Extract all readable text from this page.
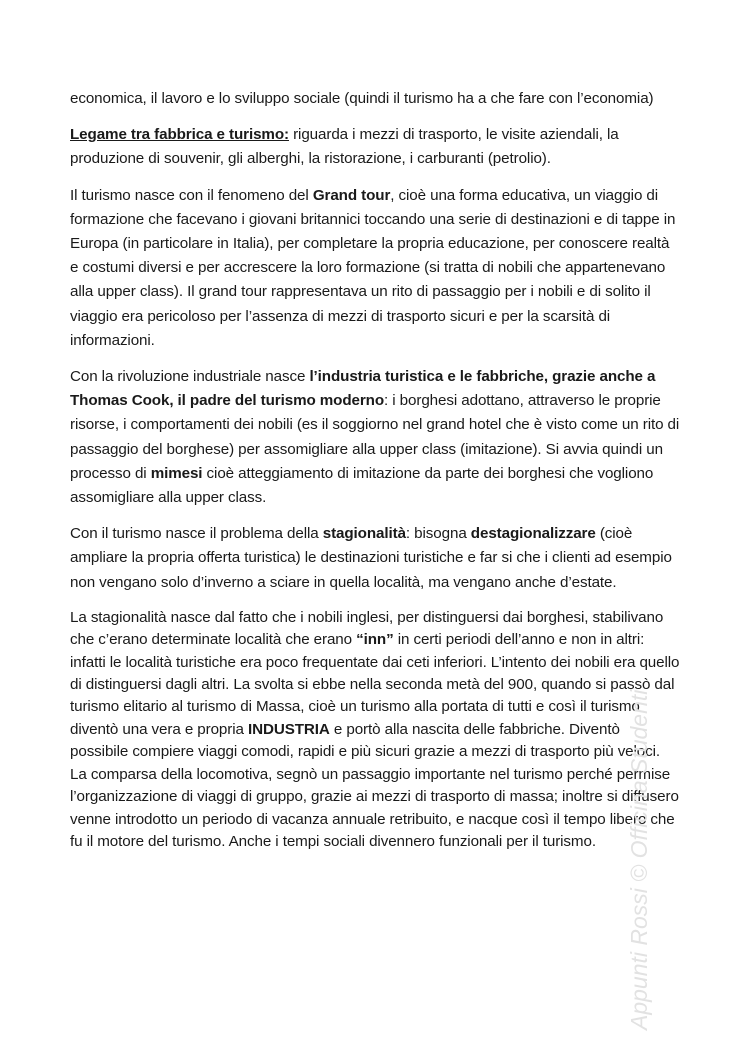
economica, il lavoro e lo sviluppo sociale (quindi il turismo ha a che fare con l’economia)

Legame tra fabbrica e turismo: riguarda i mezzi di trasporto, le visite aziendali, la produzione di souvenir, gli alberghi, la ristorazione, i carburanti (petrolio).

Il turismo nasce con il fenomeno del Grand tour, cioè una forma educativa, un viaggio di formazione che facevano i giovani britannici toccando una serie di destinazioni e di tappe in Europa (in particolare in Italia), per completare la propria educazione, per conoscere realtà e costumi diversi e per accrescere la loro formazione (si tratta di nobili che appartenevano alla upper class). Il grand tour rappresentava un rito di passaggio per i nobili e di solito il viaggio era pericoloso per l’assenza di mezzi di trasporto sicuri e per la scarsità di informazioni.

Con la rivoluzione industriale nasce l’industria turistica e le fabbriche, grazie anche a Thomas Cook, il padre del turismo moderno: i borghesi adottano, attraverso le proprie risorse, i comportamenti dei nobili (es il soggiorno nel grand hotel che è visto come un rito di passaggio del borghese) per assomigliare alla upper class (imitazione). Si avvia quindi un processo di mimesi cioè atteggiamento di imitazione da parte dei borghesi che vogliono assomigliare alla upper class.

Con il turismo nasce il problema della stagionalità: bisogna destagionalizzare (cioè ampliare la propria offerta turistica) le destinazioni turistiche e far si che i clienti ad esempio non vengano solo d’inverno a sciare in quella località, ma vengano anche d’estate.

La stagionalità nasce dal fatto che i nobili inglesi, per distinguersi dai borghesi, stabilivano che c’erano determinate località che erano “inn” in certi periodi dell’anno e non in altri: infatti le località turistiche era poco frequentate dai ceti inferiori. L’intento dei nobili era quello di distinguersi dagli altri. La svolta si ebbe nella seconda metà del 900, quando si passò dal turismo elitario al turismo di Massa, cioè un turismo alla portata di tutti e così il turismo diventò una vera e propria INDUSTRIA e portò alla nascita delle fabbriche. Diventò possibile compiere viaggi comodi, rapidi e più sicuri grazie a mezzi di trasporto più veloci. La comparsa della locomotiva, segnò un passaggio importante nel turismo perché permise l’organizzazione di viaggi di gruppo, grazie ai mezzi di trasporto di massa; inoltre si diffusero venne introdotto un periodo di vacanza annuale retribuito, e nacque così il tempo libero che fu il motore del turismo. Anche i tempi sociali divennero funzionali per il turismo.	Appunti Rossi © Officina Studenti
